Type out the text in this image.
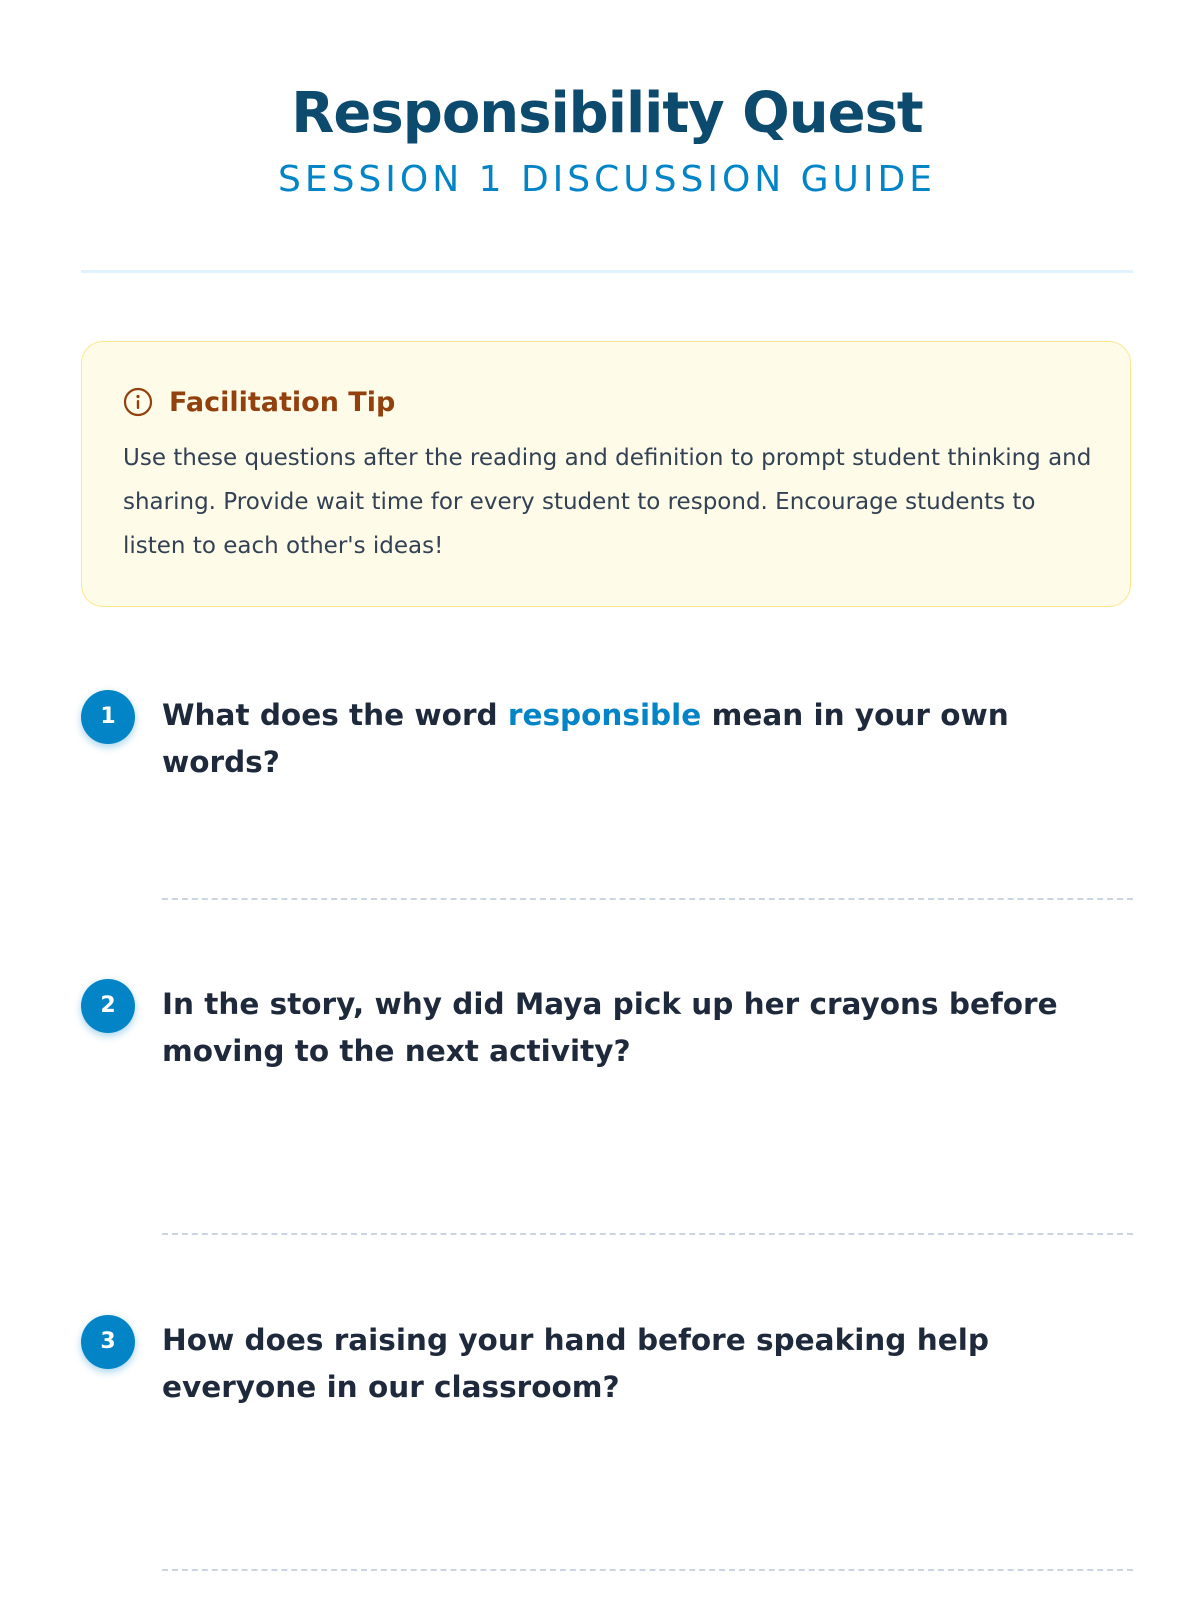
Responsibility Quest
SESSION 1 DISCUSSION GUIDE
Facilitation Tip
Use these questions after the reading and definition to prompt student thinking and sharing. Provide wait time for every student to respond. Encourage students to listen to each other's ideas!
1	What does the word responsible mean in your own words?
2	In the story, why did Maya pick up her crayons before moving to the next activity?
3	How does raising your hand before speaking help everyone in our classroom?
